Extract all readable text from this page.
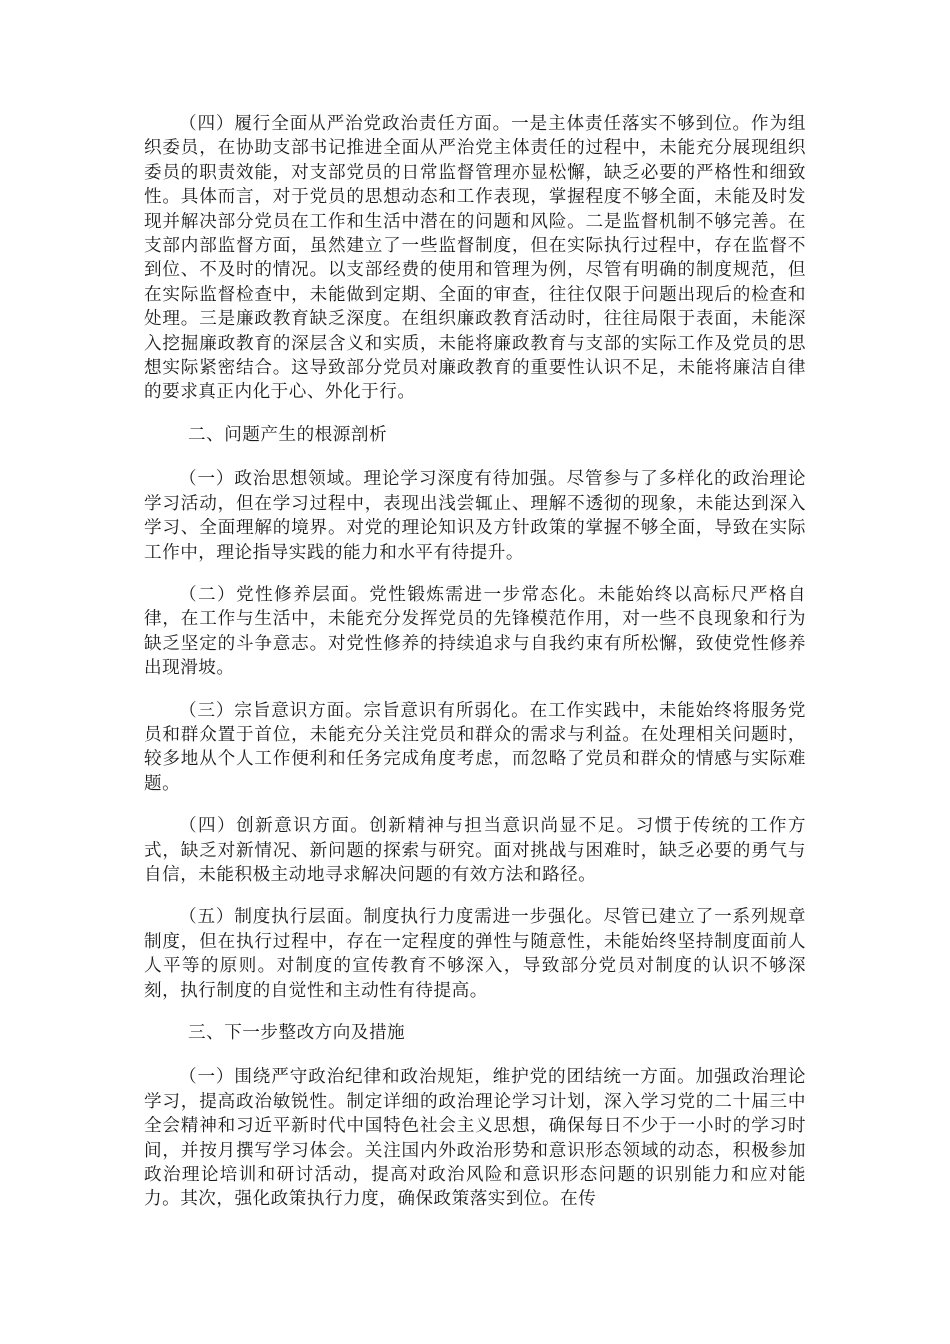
（四）履行全面从严治党政治责任方面。一是主体责任落实不够到位。作为组织委员，在协助支部书记推进全面从严治党主体责任的过程中，未能充分展现组织委员的职责效能，对支部党员的日常监督管理亦显松懈，缺乏必要的严格性和细致性。具体而言，对于党员的思想动态和工作表现，掌握程度不够全面，未能及时发现并解决部分党员在工作和生活中潜在的问题和风险。二是监督机制不够完善。在支部内部监督方面，虽然建立了一些监督制度，但在实际执行过程中，存在监督不到位、不及时的情况。以支部经费的使用和管理为例，尽管有明确的制度规范，但在实际监督检查中，未能做到定期、全面的审查，往往仅限于问题出现后的检查和处理。三是廉政教育缺乏深度。在组织廉政教育活动时，往往局限于表面，未能深入挖掘廉政教育的深层含义和实质，未能将廉政教育与支部的实际工作及党员的思想实际紧密结合。这导致部分党员对廉政教育的重要性认识不足，未能将廉洁自律的要求真正内化于心、外化于行。

二、问题产生的根源剖析

（一）政治思想领域。理论学习深度有待加强。尽管参与了多样化的政治理论学习活动，但在学习过程中，表现出浅尝辄止、理解不透彻的现象，未能达到深入学习、全面理解的境界。对党的理论知识及方针政策的掌握不够全面，导致在实际工作中，理论指导实践的能力和水平有待提升。

（二）党性修养层面。党性锻炼需进一步常态化。未能始终以高标尺严格自律，在工作与生活中，未能充分发挥党员的先锋模范作用，对一些不良现象和行为缺乏坚定的斗争意志。对党性修养的持续追求与自我约束有所松懈，致使党性修养出现滑坡。

（三）宗旨意识方面。宗旨意识有所弱化。在工作实践中，未能始终将服务党员和群众置于首位，未能充分关注党员和群众的需求与利益。在处理相关问题时，较多地从个人工作便利和任务完成角度考虑，而忽略了党员和群众的情感与实际难题。

（四）创新意识方面。创新精神与担当意识尚显不足。习惯于传统的工作方式，缺乏对新情况、新问题的探索与研究。面对挑战与困难时，缺乏必要的勇气与自信，未能积极主动地寻求解决问题的有效方法和路径。

（五）制度执行层面。制度执行力度需进一步强化。尽管已建立了一系列规章制度，但在执行过程中，存在一定程度的弹性与随意性，未能始终坚持制度面前人人平等的原则。对制度的宣传教育不够深入，导致部分党员对制度的认识不够深刻，执行制度的自觉性和主动性有待提高。

三、下一步整改方向及措施

（一）围绕严守政治纪律和政治规矩，维护党的团结统一方面。加强政治理论学习，提高政治敏锐性。制定详细的政治理论学习计划，深入学习党的二十届三中全会精神和习近平新时代中国特色社会主义思想，确保每日不少于一小时的学习时间，并按月撰写学习体会。关注国内外政治形势和意识形态领域的动态，积极参加政治理论培训和研讨活动，提高对政治风险和意识形态问题的识别能力和应对能力。其次，强化政策执行力度，确保政策落实到位。在传
